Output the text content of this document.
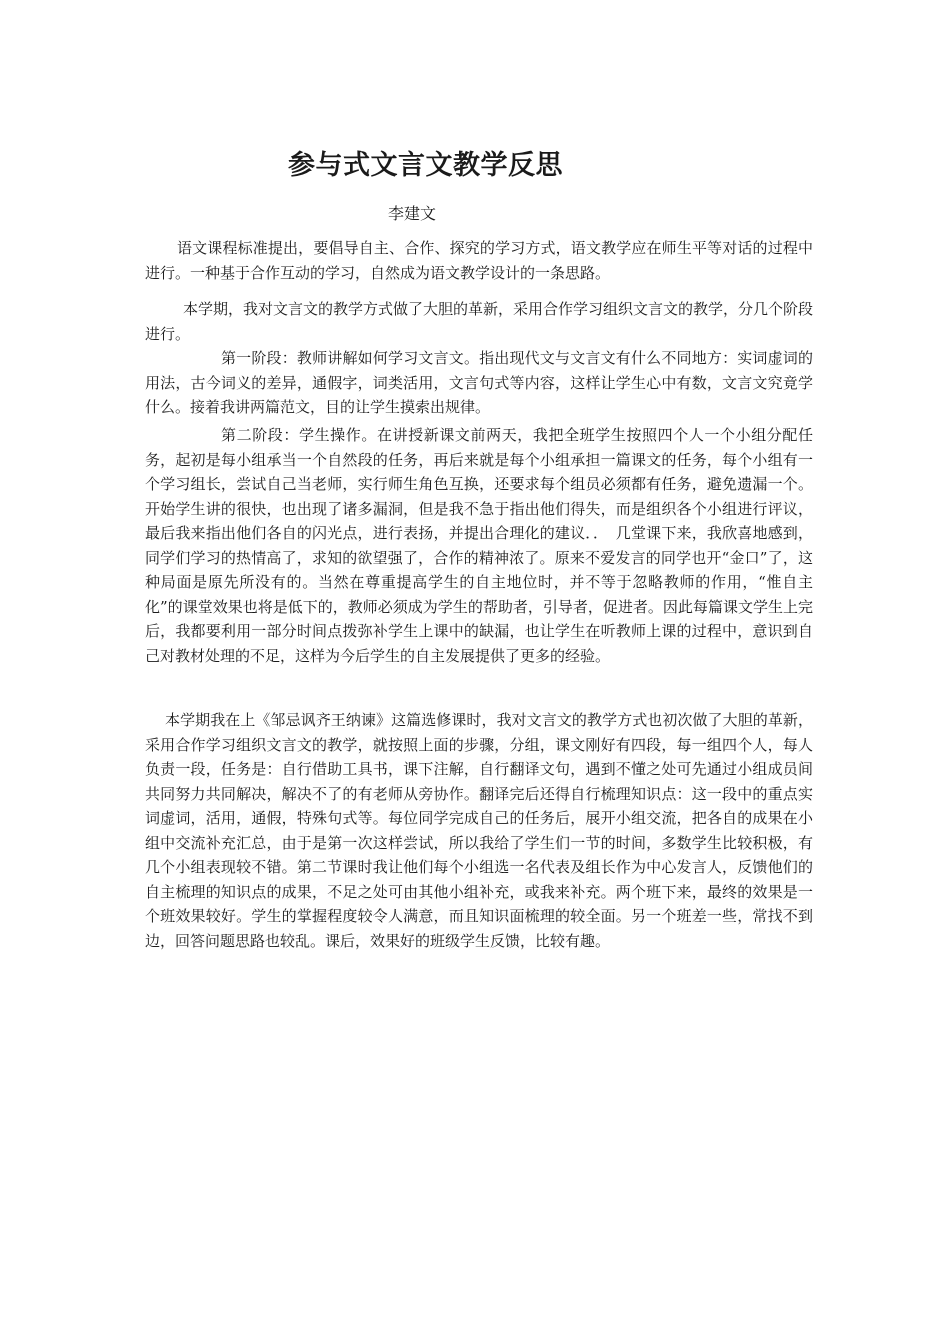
参与式文言文教学反思
李建文

语文课程标准提出，要倡导自主、合作、探究的学习方式，语文教学应在师生平等对话的过程中进行。一种基于合作互动的学习，自然成为语文教学设计的一条思路。

本学期，我对文言文的教学方式做了大胆的革新，采用合作学习组织文言文的教学，分几个阶段进行。

第一阶段：教师讲解如何学习文言文。指出现代文与文言文有什么不同地方：实词虚词的用法，古今词义的差异，通假字，词类活用，文言句式等内容，这样让学生心中有数，文言文究竟学什么。接着我讲两篇范文，目的让学生摸索出规律。

第二阶段：学生操作。在讲授新课文前两天，我把全班学生按照四个人一个小组分配任务，起初是每小组承当一个自然段的任务，再后来就是每个小组承担一篇课文的任务，每个小组有一个学习组长，尝试自己当老师，实行师生角色互换，还要求每个组员必须都有任务，避免遗漏一个。开始学生讲的很快，也出现了诸多漏洞，但是我不急于指出他们得失，而是组织各个小组进行评议，最后我来指出他们各自的闪光点，进行表扬，并提出合理化的建议．．　几堂课下来，我欣喜地感到，同学们学习的热情高了，求知的欲望强了，合作的精神浓了。原来不爱发言的同学也开“金口”了，这种局面是原先所没有的。当然在尊重提高学生的自主地位时，并不等于忽略教师的作用，“惟自主化”的课堂效果也将是低下的，教师必须成为学生的帮助者，引导者，促进者。因此每篇课文学生上完后，我都要利用一部分时间点拨弥补学生上课中的缺漏，也让学生在听教师上课的过程中，意识到自己对教材处理的不足，这样为今后学生的自主发展提供了更多的经验。

本学期我在上《邹忌讽齐王纳谏》这篇选修课时，我对文言文的教学方式也初次做了大胆的革新，采用合作学习组织文言文的教学，就按照上面的步骤，分组，课文刚好有四段，每一组四个人，每人负责一段，任务是：自行借助工具书，课下注解，自行翻译文句，遇到不懂之处可先通过小组成员间共同努力共同解决，解决不了的有老师从旁协作。翻译完后还得自行梳理知识点：这一段中的重点实词虚词，活用，通假，特殊句式等。每位同学完成自己的任务后，展开小组交流，把各自的成果在小组中交流补充汇总，由于是第一次这样尝试，所以我给了学生们一节的时间，多数学生比较积极，有几个小组表现较不错。第二节课时我让他们每个小组选一名代表及组长作为中心发言人，反馈他们的自主梳理的知识点的成果，不足之处可由其他小组补充，或我来补充。两个班下来，最终的效果是一个班效果较好。学生的掌握程度较令人满意，而且知识面梳理的较全面。另一个班差一些，常找不到边，回答问题思路也较乱。课后，效果好的班级学生反馈，比较有趣。
